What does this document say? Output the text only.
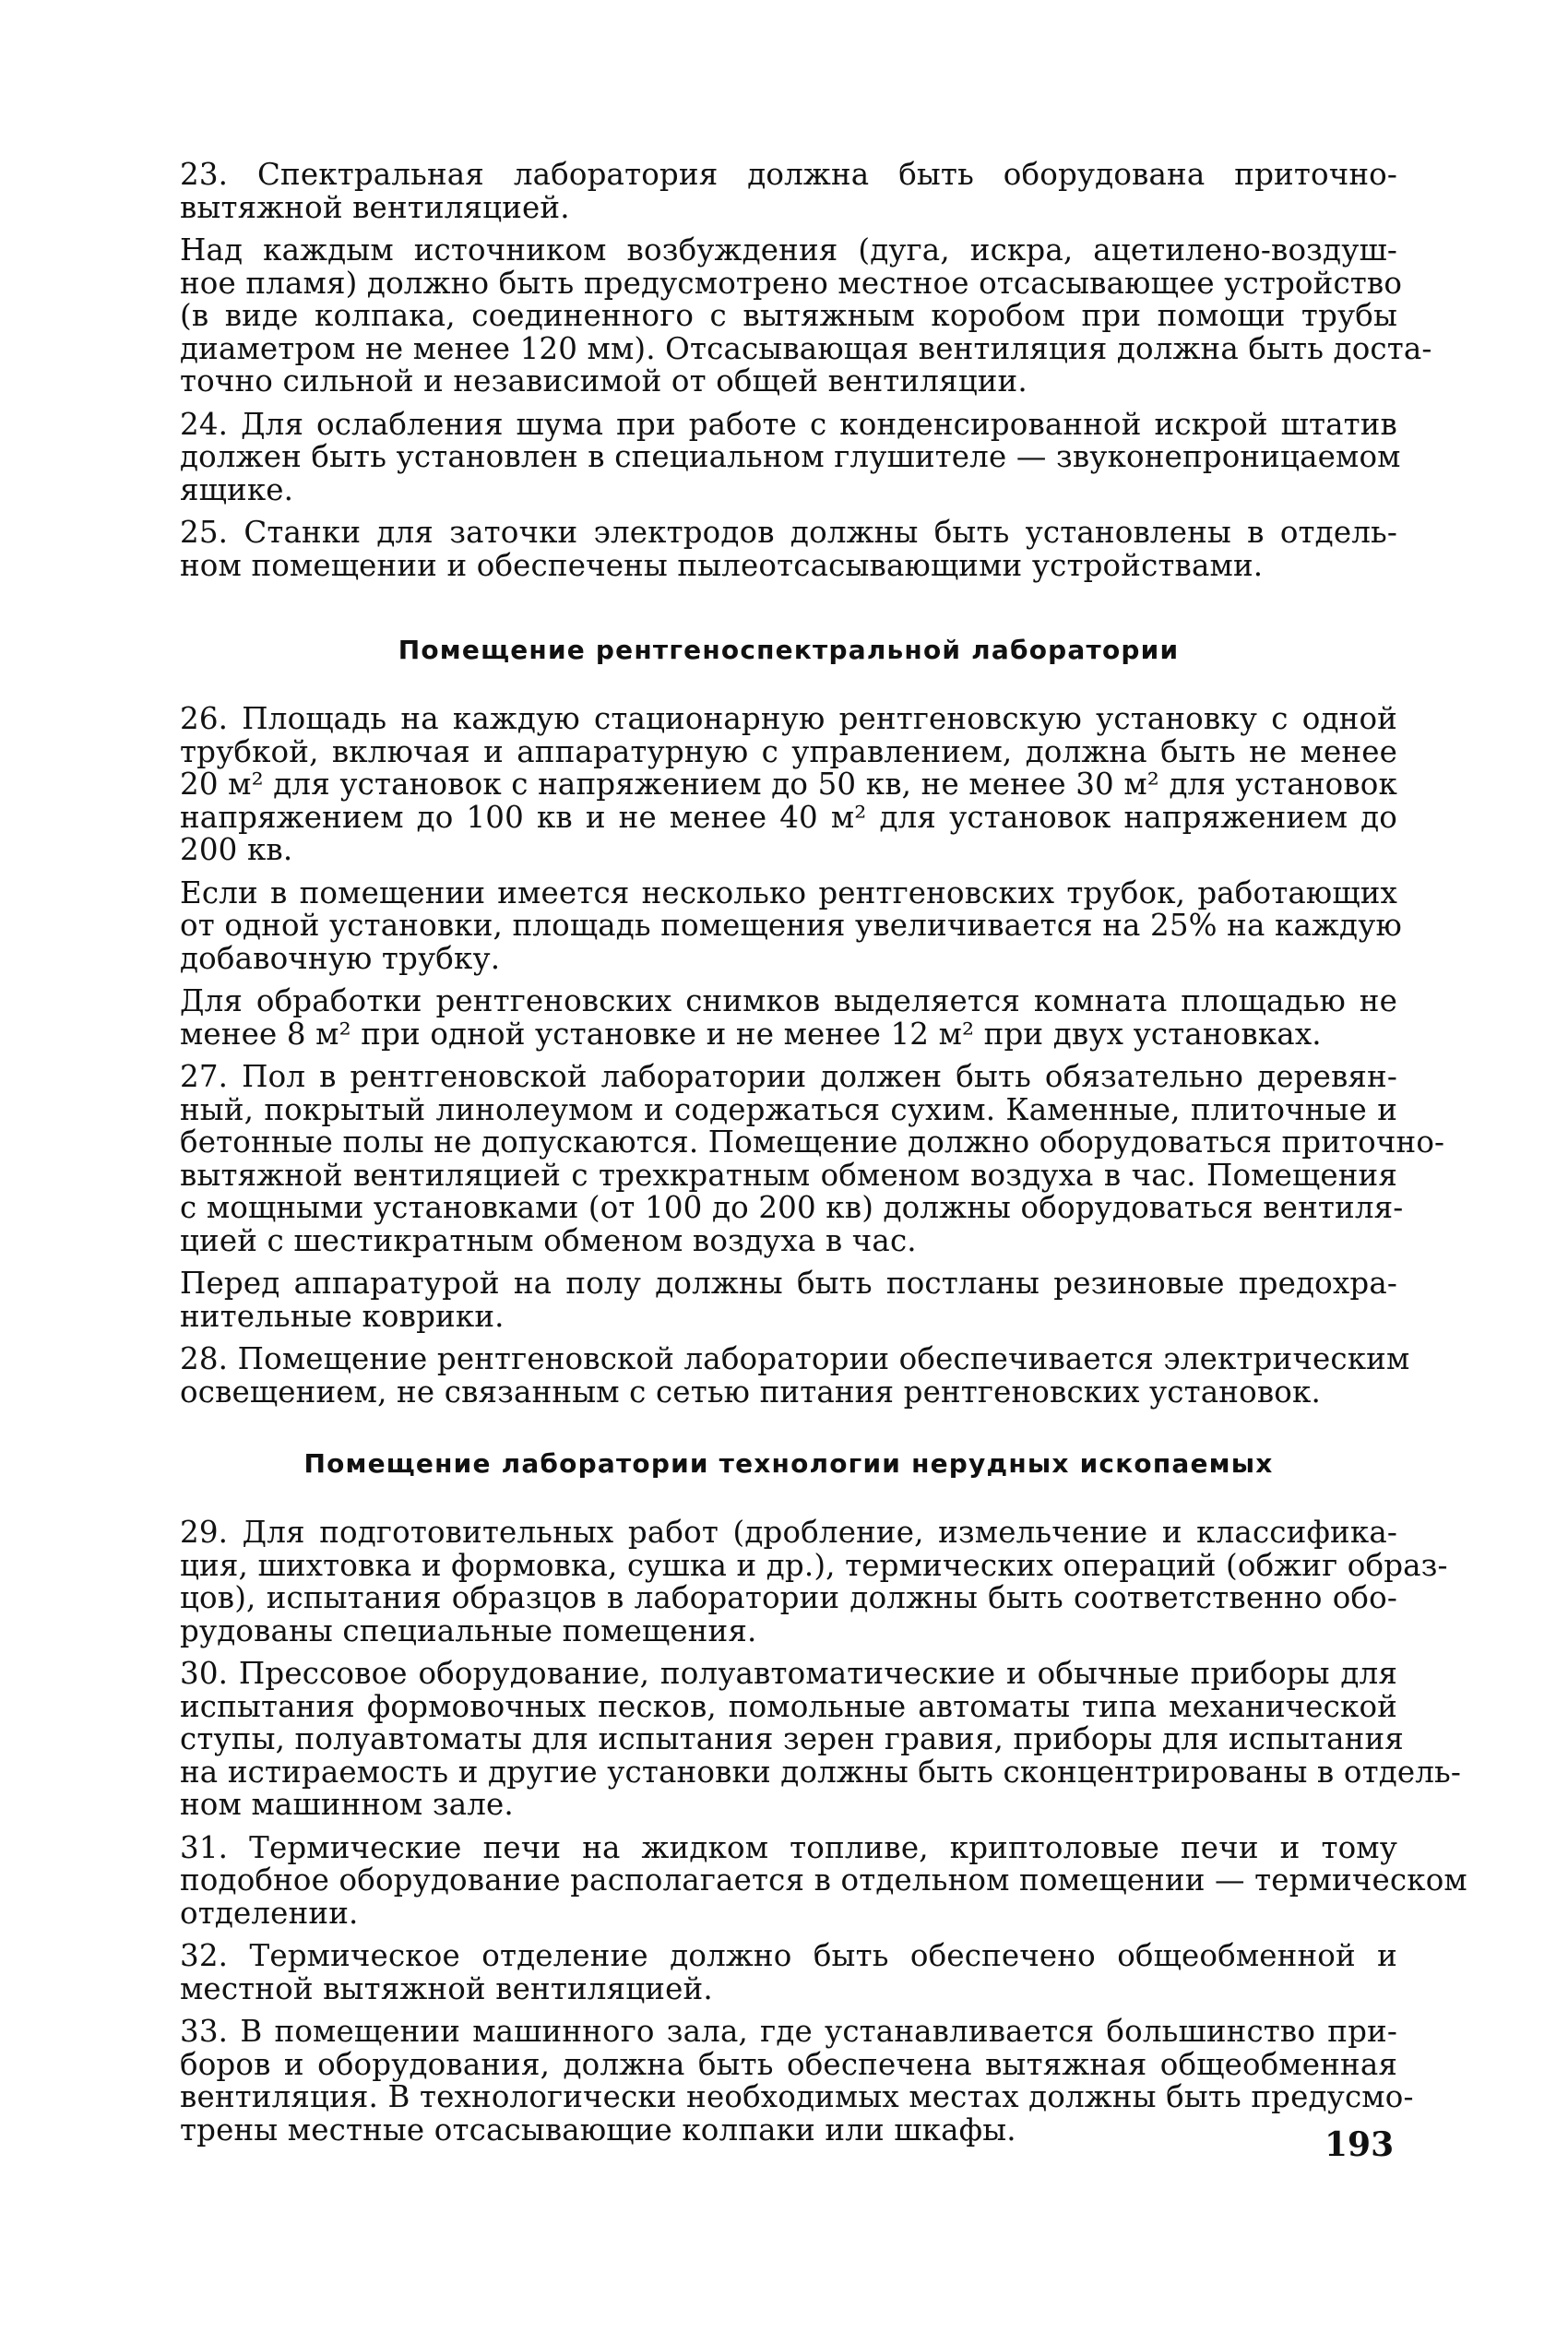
23. Спектральная лаборатория должна быть оборудована приточно-
вытяжной вентиляцией.
Над каждым источником возбуждения (дуга, искра, ацетилено-воздуш-
ное пламя) должно быть предусмотрено местное отсасывающее устройство
(в виде колпака, соединенного с вытяжным коробом при помощи трубы
диаметром не менее 120 мм). Отсасывающая вентиляция должна быть доста-
точно сильной и независимой от общей вентиляции.
24. Для ослабления шума при работе с конденсированной искрой штатив
должен быть установлен в специальном глушителе — звуконепроницаемом
ящике.
25. Станки для заточки электродов должны быть установлены в отдель-
ном помещении и обеспечены пылеотсасывающими устройствами.
Помещение рентгеноспектральной лаборатории
26. Площадь на каждую стационарную рентгеновскую установку с одной
трубкой, включая и аппаратурную с управлением, должна быть не менее
20 м² для установок с напряжением до 50 кв, не менее 30 м² для установок
напряжением до 100 кв и не менее 40 м² для установок напряжением до
200 кв.
Если в помещении имеется несколько рентгеновских трубок, работающих
от одной установки, площадь помещения увеличивается на 25% на каждую
добавочную трубку.
Для обработки рентгеновских снимков выделяется комната площадью не
менее 8 м² при одной установке и не менее 12 м² при двух установках.
27. Пол в рентгеновской лаборатории должен быть обязательно деревян-
ный, покрытый линолеумом и содержаться сухим. Каменные, плиточные и
бетонные полы не допускаются. Помещение должно оборудоваться приточно-
вытяжной вентиляцией с трехкратным обменом воздуха в час. Помещения
с мощными установками (от 100 до 200 кв) должны оборудоваться вентиля-
цией с шестикратным обменом воздуха в час.
Перед аппаратурой на полу должны быть постланы резиновые предохра-
нительные коврики.
28. Помещение рентгеновской лаборатории обеспечивается электрическим
освещением, не связанным с сетью питания рентгеновских установок.
Помещение лаборатории технологии нерудных ископаемых
29. Для подготовительных работ (дробление, измельчение и классифика-
ция, шихтовка и формовка, сушка и др.), термических операций (обжиг образ-
цов), испытания образцов в лаборатории должны быть соответственно обо-
рудованы специальные помещения.
30. Прессовое оборудование, полуавтоматические и обычные приборы для
испытания формовочных песков, помольные автоматы типа механической
ступы, полуавтоматы для испытания зерен гравия, приборы для испытания
на истираемость и другие установки должны быть сконцентрированы в отдель-
ном машинном зале.
31. Термические печи на жидком топливе, криптоловые печи и тому
подобное оборудование располагается в отдельном помещении — термическом
отделении.
32. Термическое отделение должно быть обеспечено общеобменной и
местной вытяжной вентиляцией.
33. В помещении машинного зала, где устанавливается большинство при-
боров и оборудования, должна быть обеспечена вытяжная общеобменная
вентиляция. В технологически необходимых местах должны быть предусмо-
трены местные отсасывающие колпаки или шкафы.	193
